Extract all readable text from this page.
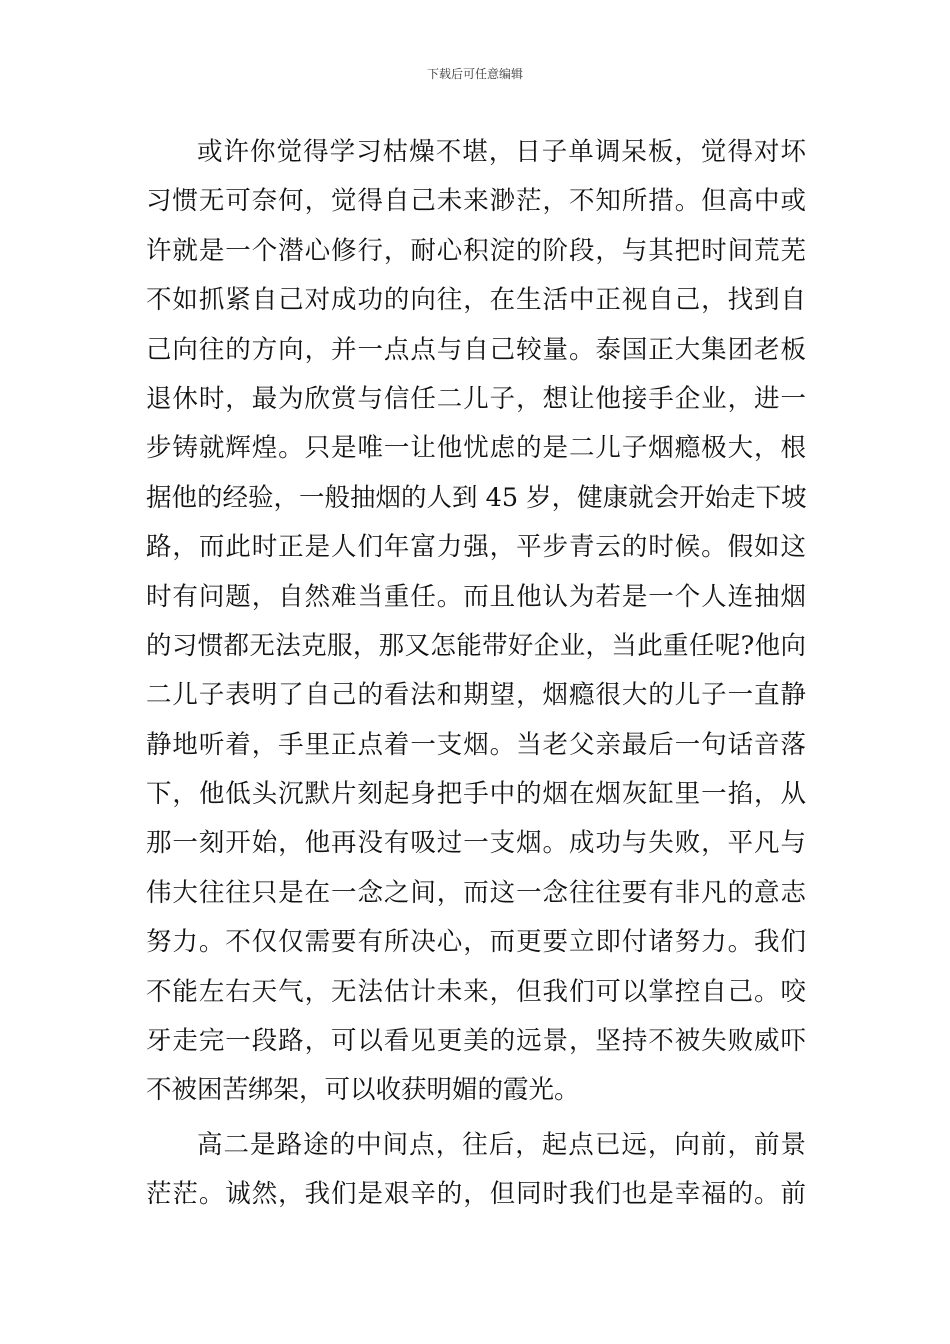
下载后可任意编辑
或许你觉得学习枯燥不堪，日子单调呆板，觉得对坏
习惯无可奈何，觉得自己未来渺茫，不知所措。但高中或
许就是一个潜心修行，耐心积淀的阶段，与其把时间荒芜
不如抓紧自己对成功的向往，在生活中正视自己，找到自
己向往的方向，并一点点与自己较量。泰国正大集团老板
退休时，最为欣赏与信任二儿子，想让他接手企业，进一
步铸就辉煌。只是唯一让他忧虑的是二儿子烟瘾极大，根
据他的经验，一般抽烟的人到 45 岁，健康就会开始走下坡
路，而此时正是人们年富力强，平步青云的时候。假如这
时有问题，自然难当重任。而且他认为若是一个人连抽烟
的习惯都无法克服，那又怎能带好企业，当此重任呢?他向
二儿子表明了自己的看法和期望，烟瘾很大的儿子一直静
静地听着，手里正点着一支烟。当老父亲最后一句话音落
下，他低头沉默片刻起身把手中的烟在烟灰缸里一掐，从
那一刻开始，他再没有吸过一支烟。成功与失败，平凡与
伟大往往只是在一念之间，而这一念往往要有非凡的意志
努力。不仅仅需要有所决心，而更要立即付诸努力。我们
不能左右天气，无法估计未来，但我们可以掌控自己。咬
牙走完一段路，可以看见更美的远景，坚持不被失败威吓
不被困苦绑架，可以收获明媚的霞光。
高二是路途的中间点，往后，起点已远，向前，前景
茫茫。诚然，我们是艰辛的，但同时我们也是幸福的。前
